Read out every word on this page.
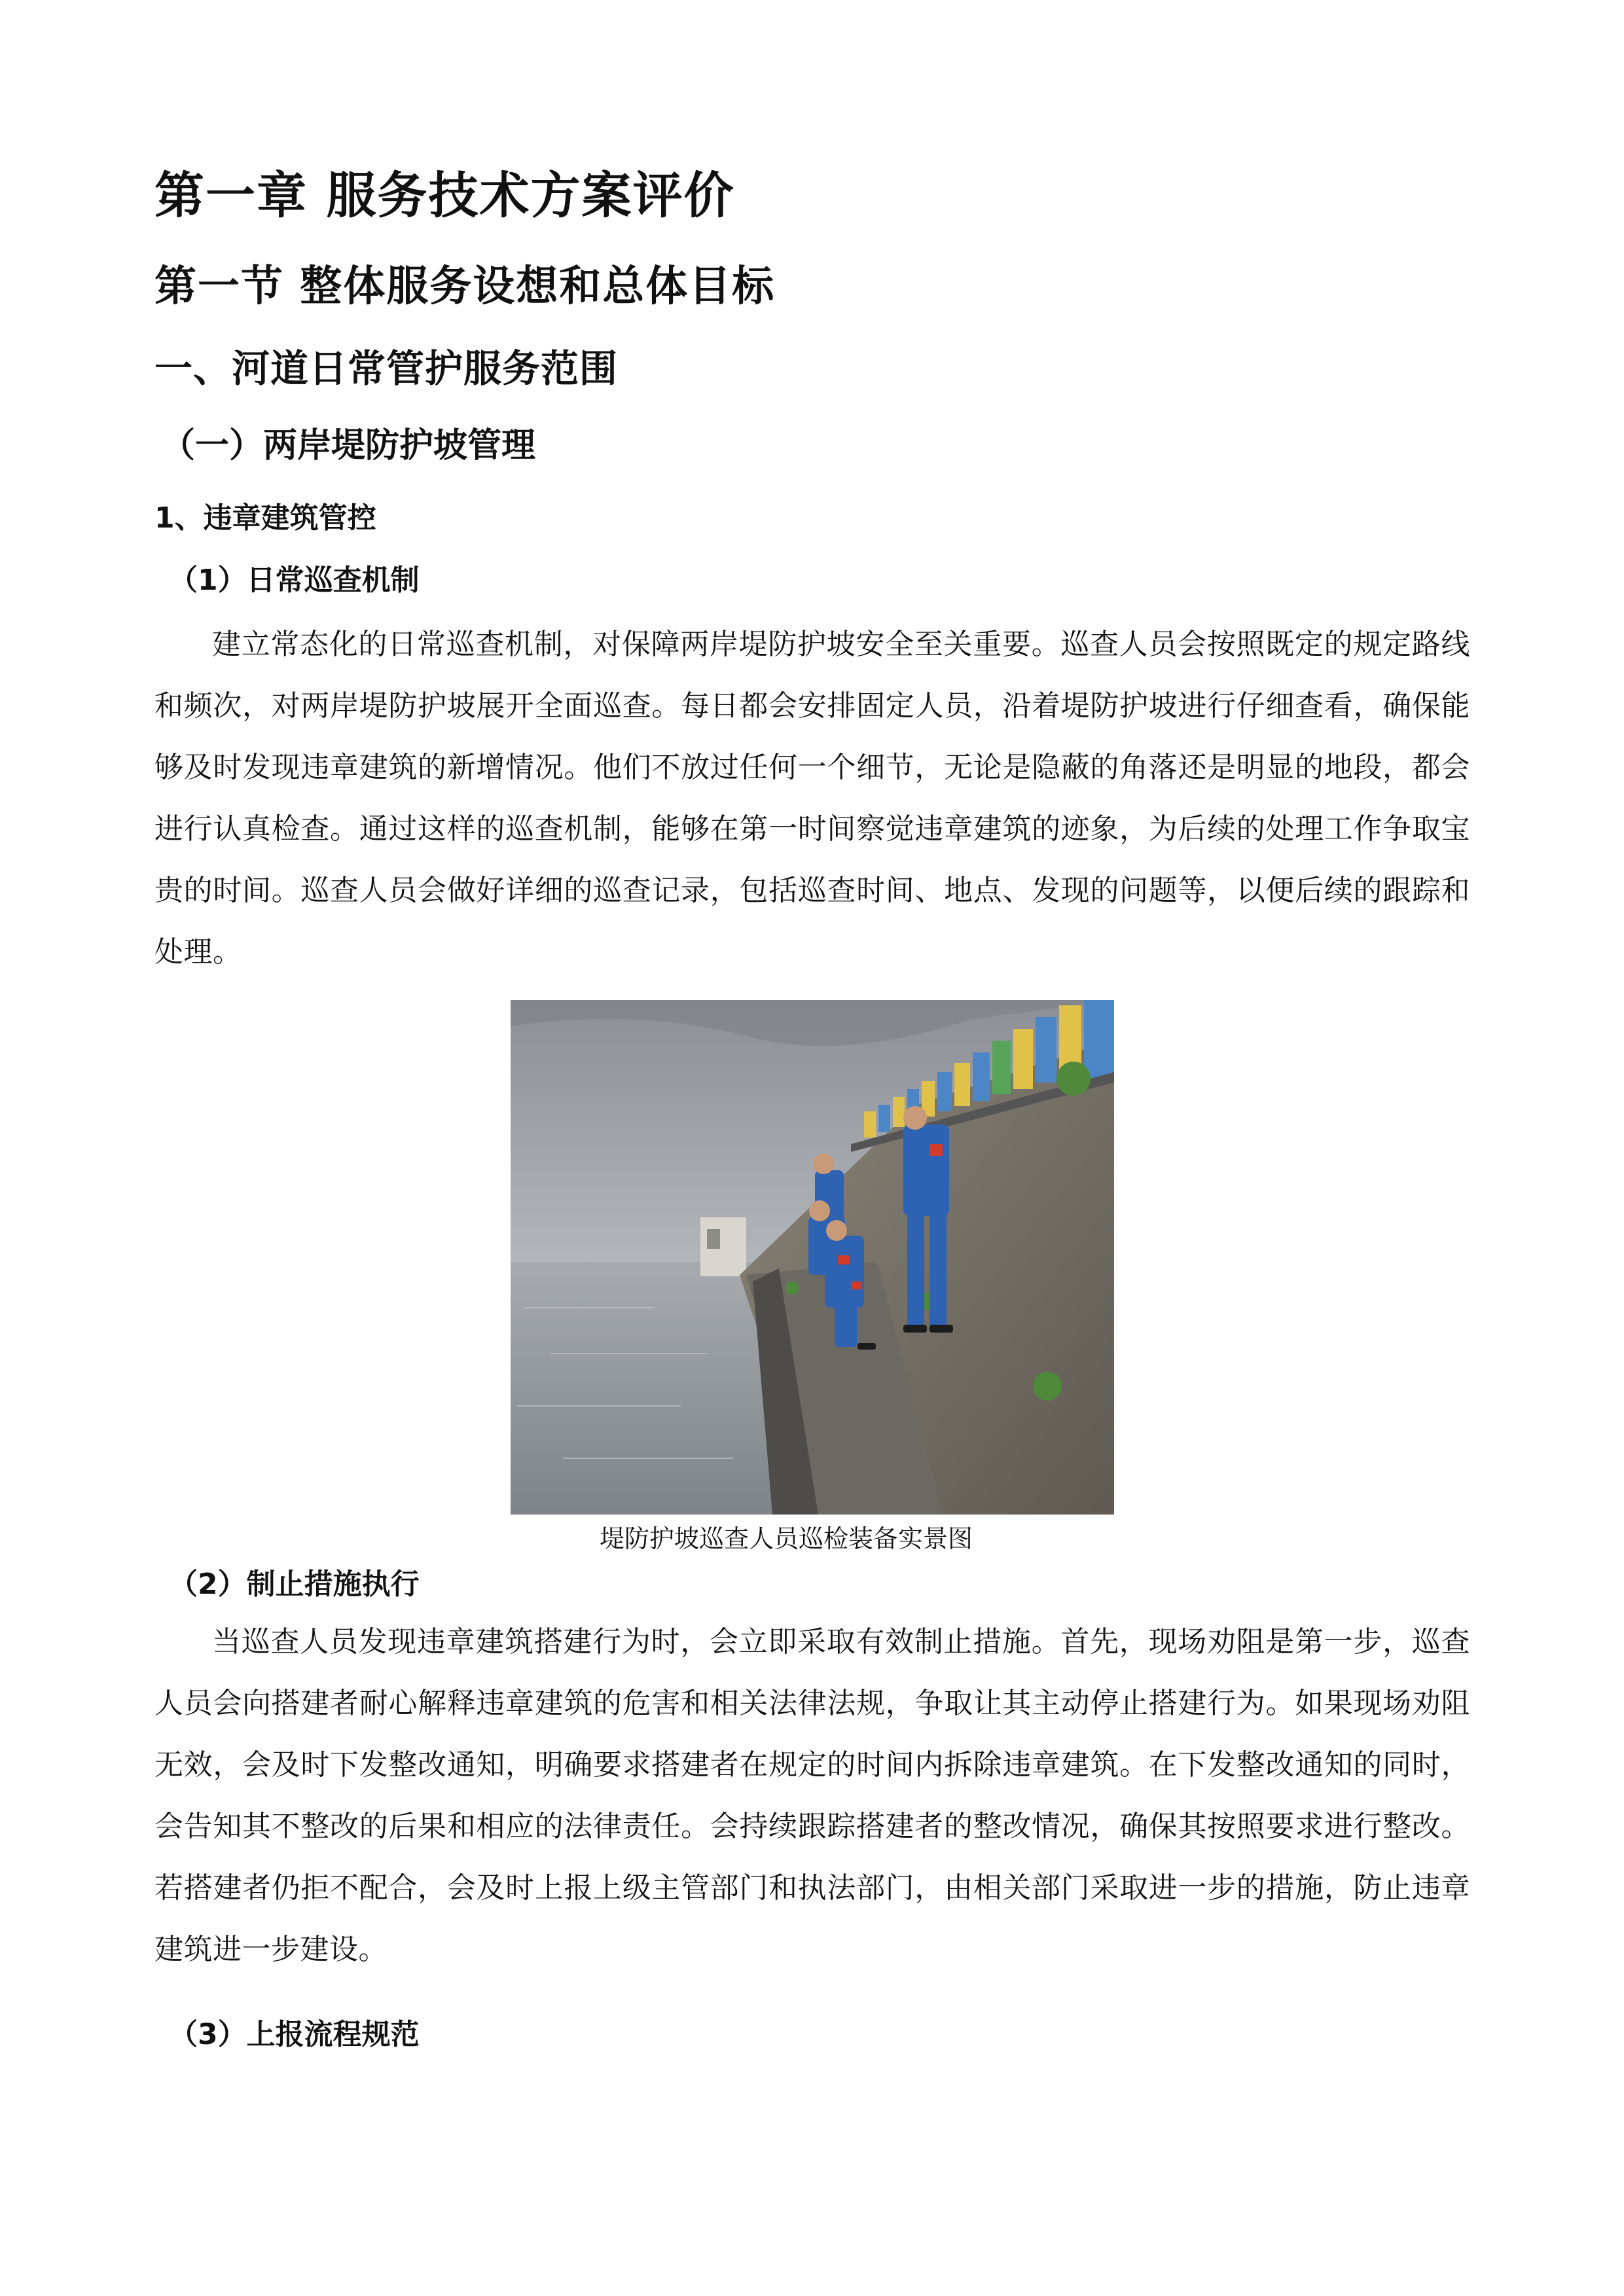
第一章 服务技术方案评价
第一节 整体服务设想和总体目标
一、河道日常管护服务范围
（一）两岸堤防护坡管理
1、违章建筑管控
（1）日常巡查机制
建立常态化的日常巡查机制，对保障两岸堤防护坡安全至关重要。巡查人员会按照既定的规定路线和频次，对两岸堤防护坡展开全面巡查。每日都会安排固定人员，沿着堤防护坡进行仔细查看，确保能够及时发现违章建筑的新增情况。他们不放过任何一个细节，无论是隐蔽的角落还是明显的地段，都会进行认真检查。通过这样的巡查机制，能够在第一时间察觉违章建筑的迹象，为后续的处理工作争取宝贵的时间。巡查人员会做好详细的巡查记录，包括巡查时间、地点、发现的问题等，以便后续的跟踪和处理。
堤防护坡巡查人员巡检装备实景图
（2）制止措施执行
当巡查人员发现违章建筑搭建行为时，会立即采取有效制止措施。首先，现场劝阻是第一步，巡查人员会向搭建者耐心解释违章建筑的危害和相关法律法规，争取让其主动停止搭建行为。如果现场劝阻无效，会及时下发整改通知，明确要求搭建者在规定的时间内拆除违章建筑。在下发整改通知的同时，会告知其不整改的后果和相应的法律责任。会持续跟踪搭建者的整改情况，确保其按照要求进行整改。若搭建者仍拒不配合，会及时上报上级主管部门和执法部门，由相关部门采取进一步的措施，防止违章建筑进一步建设。
（3）上报流程规范
